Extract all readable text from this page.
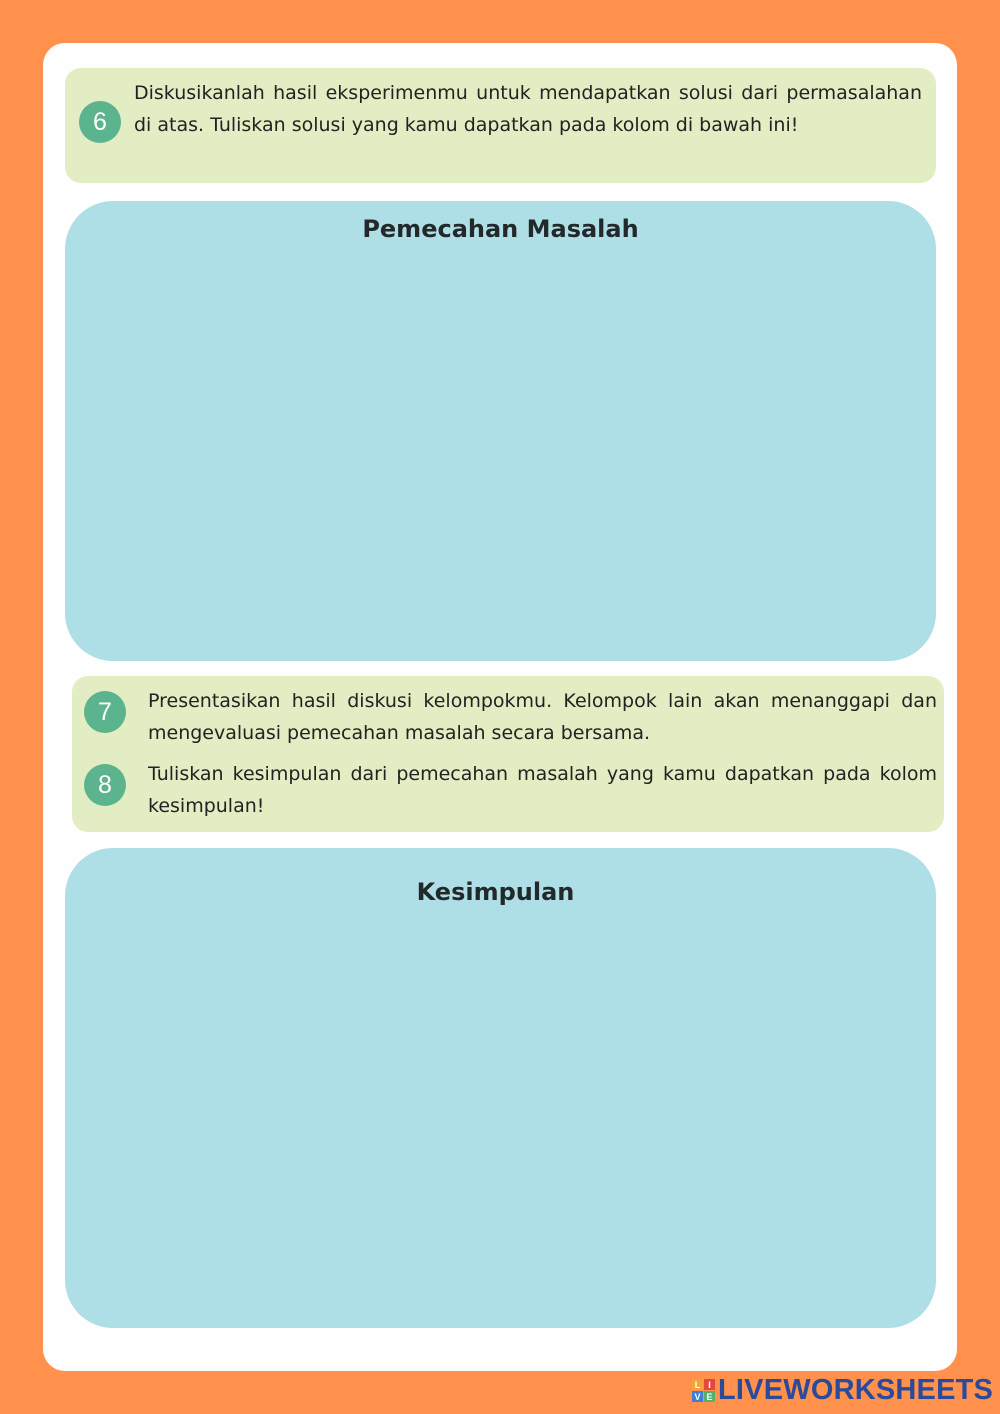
6
Diskusikanlah hasil eksperimenmu untuk mendapatkan solusi dari permasalahan di atas. Tuliskan solusi yang kamu dapatkan pada kolom di bawah ini!
Pemecahan Masalah
7	Presentasikan hasil diskusi kelompokmu. Kelompok lain akan menanggapi dan mengevaluasi pemecahan masalah secara bersama.
8	Tuliskan kesimpulan dari pemecahan masalah yang kamu dapatkan pada kolom kesimpulan!
Kesimpulan
L I
V E LIVEWORKSHEETS
